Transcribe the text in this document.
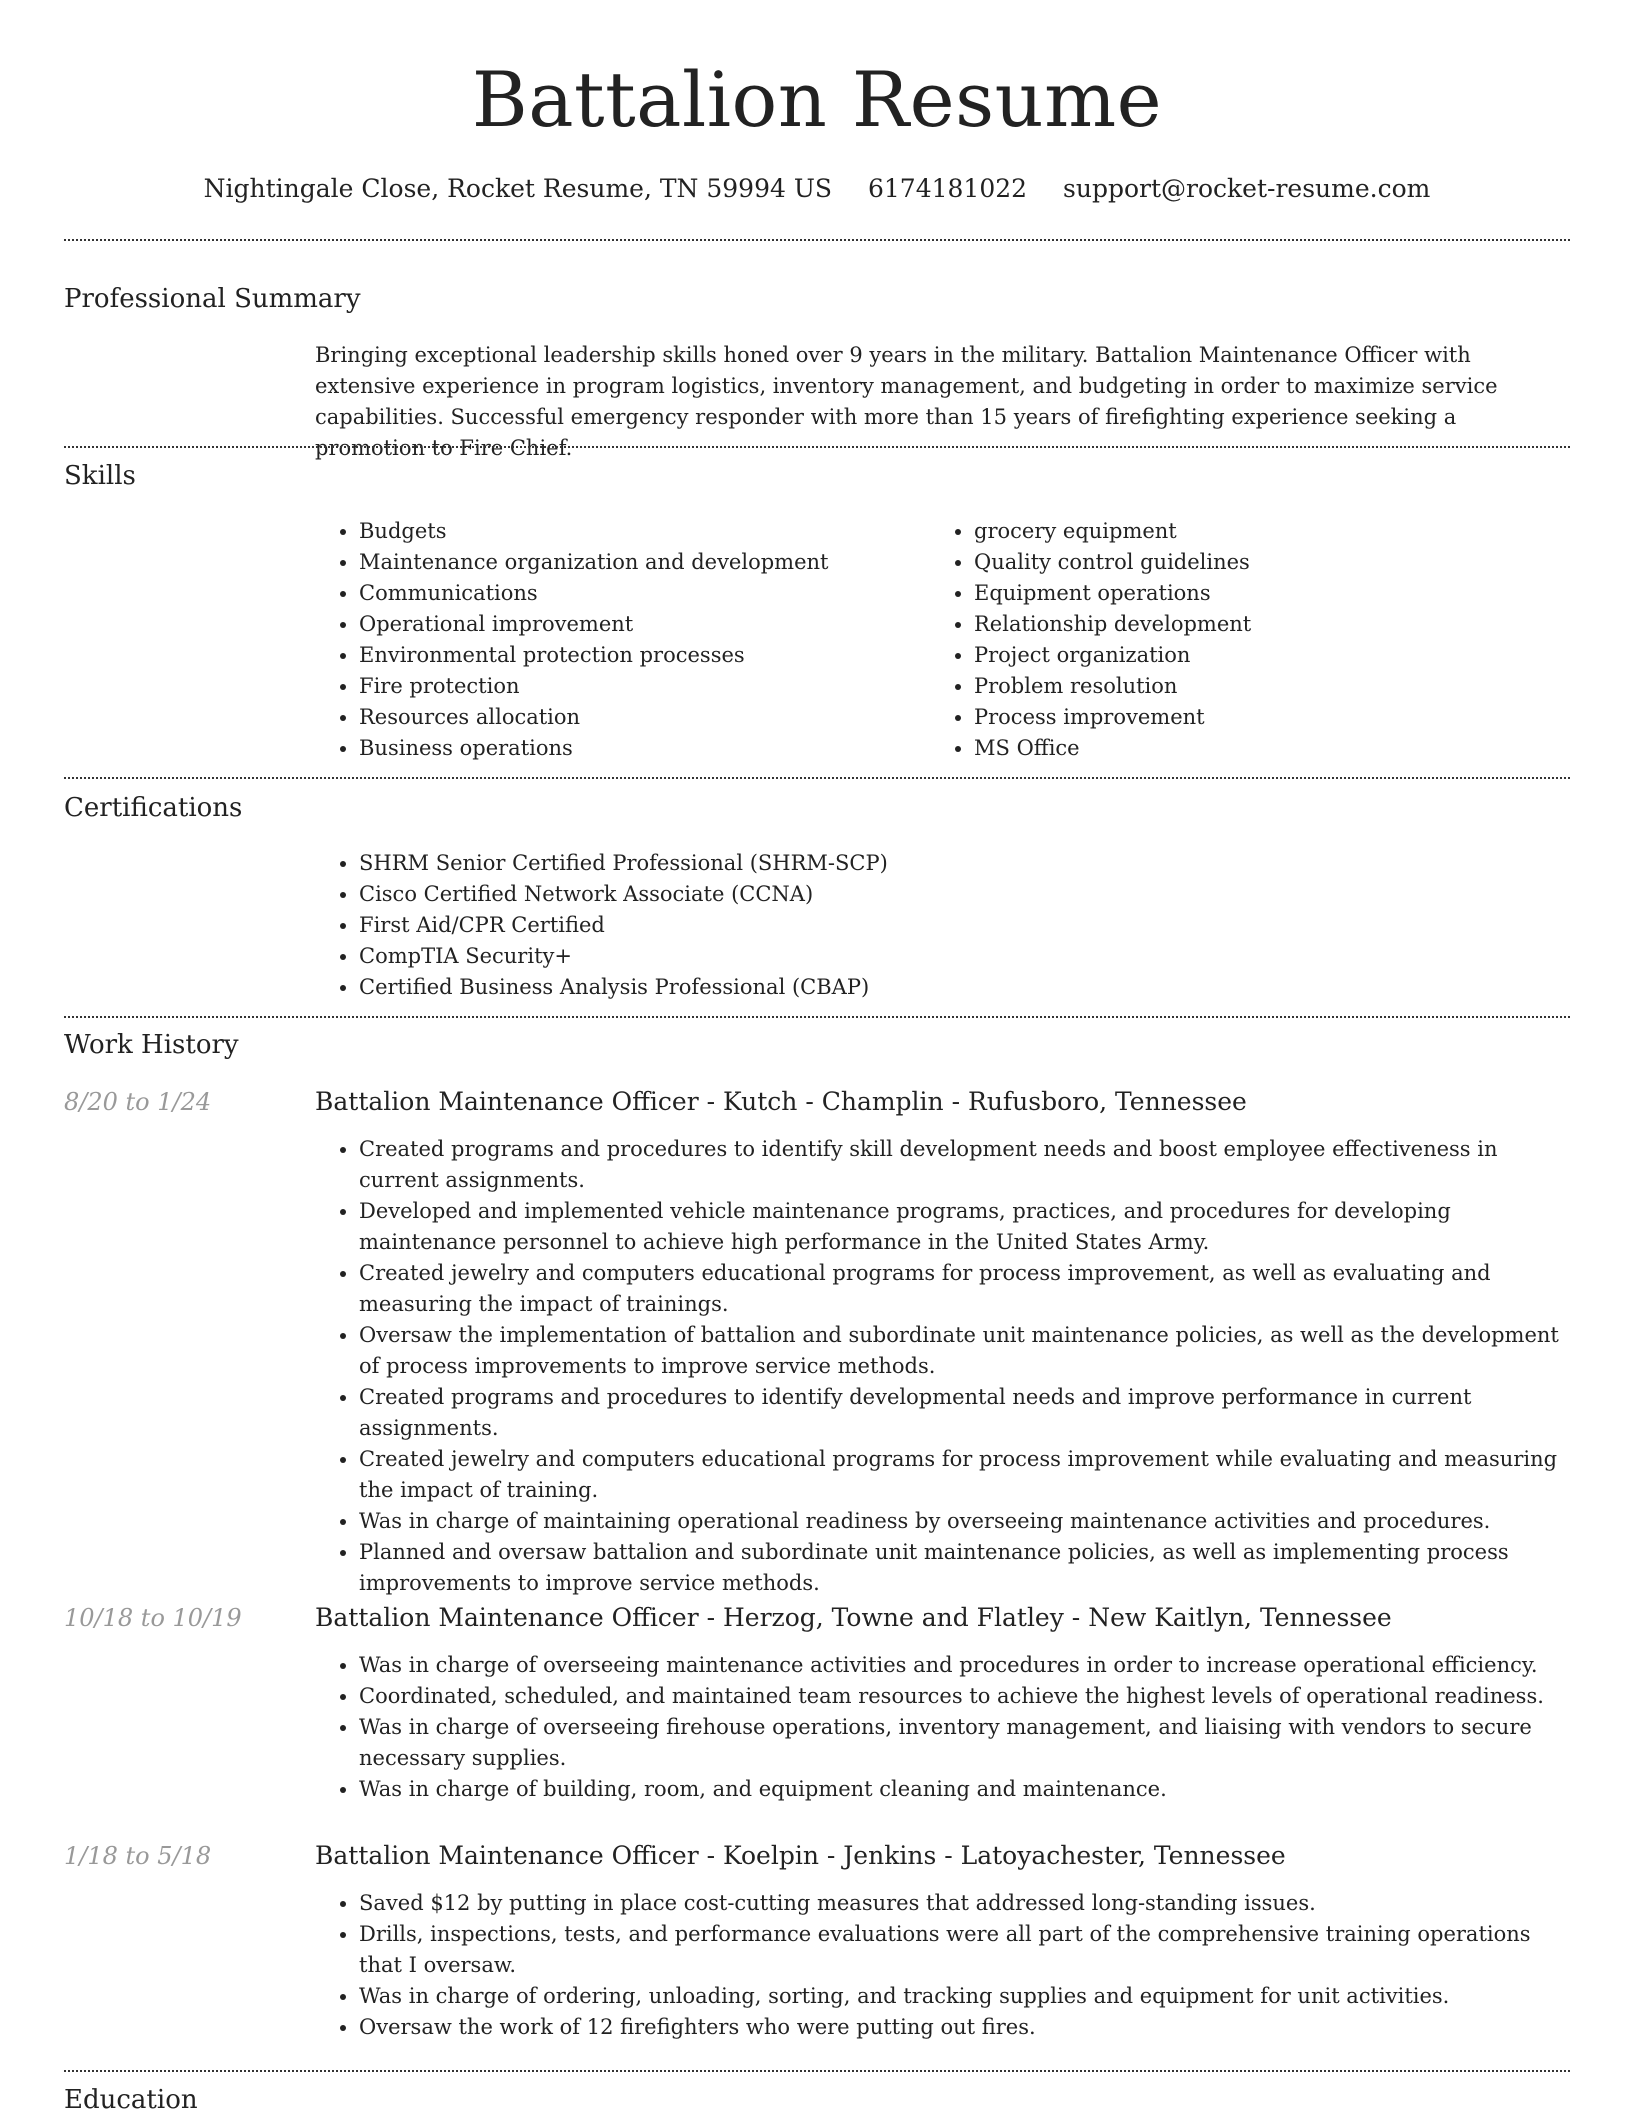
Battalion Resume
Nightingale Close, Rocket Resume, TN 59994 US 6174181022 support@rocket-resume.com
Professional Summary
Bringing exceptional leadership skills honed over 9 years in the military. Battalion Maintenance Officer with extensive experience in program logistics, inventory management, and budgeting in order to maximize service capabilities. Successful emergency responder with more than 15 years of firefighting experience seeking a promotion to Fire Chief.
Skills
• Budgets
• Maintenance organization and development
• Communications
• Operational improvement
• Environmental protection processes
• Fire protection
• Resources allocation
• Business operations
• grocery equipment
• Quality control guidelines
• Equipment operations
• Relationship development
• Project organization
• Problem resolution
• Process improvement
• MS Office
Certifications
• SHRM Senior Certified Professional (SHRM-SCP)
• Cisco Certified Network Associate (CCNA)
• First Aid/CPR Certified
• CompTIA Security+
• Certified Business Analysis Professional (CBAP)
Work History
8/20 to 1/24	Battalion Maintenance Officer - Kutch - Champlin - Rufusboro, Tennessee
• Created programs and procedures to identify skill development needs and boost employee effectiveness in current assignments.
• Developed and implemented vehicle maintenance programs, practices, and procedures for developing maintenance personnel to achieve high performance in the United States Army.
• Created jewelry and computers educational programs for process improvement, as well as evaluating and measuring the impact of trainings.
• Oversaw the implementation of battalion and subordinate unit maintenance policies, as well as the development of process improvements to improve service methods.
• Created programs and procedures to identify developmental needs and improve performance in current assignments.
• Created jewelry and computers educational programs for process improvement while evaluating and measuring the impact of training.
• Was in charge of maintaining operational readiness by overseeing maintenance activities and procedures.
• Planned and oversaw battalion and subordinate unit maintenance policies, as well as implementing process improvements to improve service methods.
10/18 to 10/19	Battalion Maintenance Officer - Herzog, Towne and Flatley - New Kaitlyn, Tennessee
• Was in charge of overseeing maintenance activities and procedures in order to increase operational efficiency.
• Coordinated, scheduled, and maintained team resources to achieve the highest levels of operational readiness.
• Was in charge of overseeing firehouse operations, inventory management, and liaising with vendors to secure necessary supplies.
• Was in charge of building, room, and equipment cleaning and maintenance.
1/18 to 5/18	Battalion Maintenance Officer - Koelpin - Jenkins - Latoyachester, Tennessee
• Saved $12 by putting in place cost-cutting measures that addressed long-standing issues.
• Drills, inspections, tests, and performance evaluations were all part of the comprehensive training operations that I oversaw.
• Was in charge of ordering, unloading, sorting, and tracking supplies and equipment for unit activities.
• Oversaw the work of 12 firefighters who were putting out fires.
Education
